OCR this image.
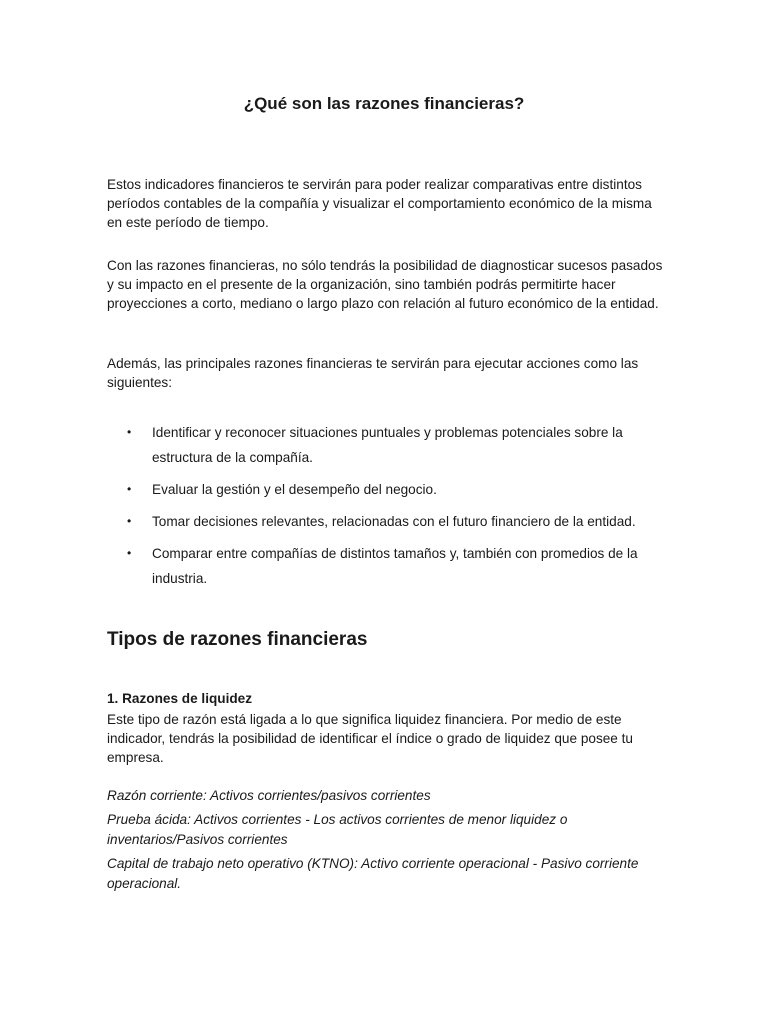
¿Qué son las razones financieras?

Estos indicadores financieros te servirán para poder realizar comparativas entre distintos períodos contables de la compañía y visualizar el comportamiento económico de la misma en este período de tiempo.

Con las razones financieras, no sólo tendrás la posibilidad de diagnosticar sucesos pasados y su impacto en el presente de la organización, sino también podrás permitirte hacer proyecciones a corto, mediano o largo plazo con relación al futuro económico de la entidad.

Además, las principales razones financieras te servirán para ejecutar acciones como las siguientes:

• Identificar y reconocer situaciones puntuales y problemas potenciales sobre la estructura de la compañía.
• Evaluar la gestión y el desempeño del negocio.
• Tomar decisiones relevantes, relacionadas con el futuro financiero de la entidad.
• Comparar entre compañías de distintos tamaños y, también con promedios de la industria.
Tipos de razones financieras
1. Razones de liquidez

Este tipo de razón está ligada a lo que significa liquidez financiera. Por medio de este indicador, tendrás la posibilidad de identificar el índice o grado de liquidez que posee tu empresa.

Razón corriente: Activos corrientes/pasivos corrientes

Prueba ácida: Activos corrientes - Los activos corrientes de menor liquidez o inventarios/Pasivos corrientes

Capital de trabajo neto operativo (KTNO): Activo corriente operacional - Pasivo corriente operacional.
